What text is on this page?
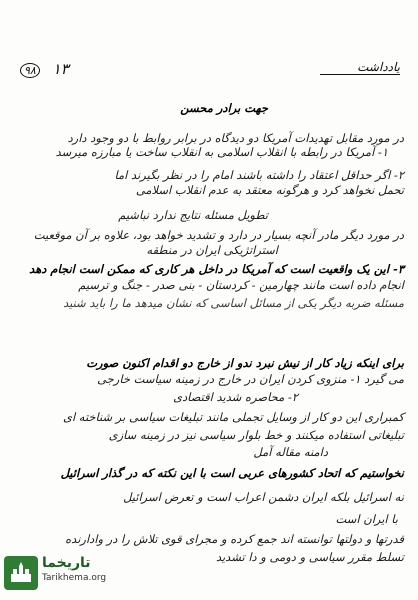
۹۸ ۱۳	یادداشت
جهت برادر محسن
در مورد مقابل تهدیدات آمریکا دو دیدگاه در برابر روابط با دو وجود دارد
۱- آمریکا در رابطه با انقلاب اسلامی به انقلاب ساخت یا مبارزه میرسد
۲- اگر حداقل اعتقاد را داشته باشند امام را در نظر بگیرند اما
تحمل نخواهد کرد و هرگونه معتقد به عدم انقلاب اسلامی
تطویل مسئله نتایج ندارد نباشیم
در مورد دیگر مادر آنچه بسیار در دارد و تشدید خواهد بود، علاوه بر آن موقعیت
استراتژیکی ایران در منطقه
۳- این یک واقعیت است که آمریکا در داخل هر کاری که ممکن است انجام دهد
انجام داده است مانند چهارمین - کردستان - بنی صدر - جنگ و ترسیم
مسئله ضربه دیگر یکی از مسائل اساسی که نشان میدهد ما را باید شنید
برای اینکه زیاد کار از نیش نبرد ندو از خارج دو اقدام اکنون صورت
می گیرد ۱- منزوی کردن ایران در خارج در زمینه سیاست خارجی
۲- محاصره شدید اقتصادی
کمبراری این دو کار از وسایل تجملی مانند تبلیغات سیاسی بر شناخته ای
تبلیغاتی استفاده میکنند و خط بلوار سیاسی نیز در زمینه سازی
دامنه مقاله آمل
نخواستیم که اتحاد کشورهای عربی است با این نکته که در گذار اسرائیل
نه اسرائیل بلکه ایران دشمن اعراب است و تعرض اسرائیل
با ایران است
قدرتها و دولتها توانسته اند جمع کرده و مجرای قوی تلاش را در وادارنده
تسلط مقرر سیاسی و دومی و دا تشدید
تاریخما
Tarikhema.org
